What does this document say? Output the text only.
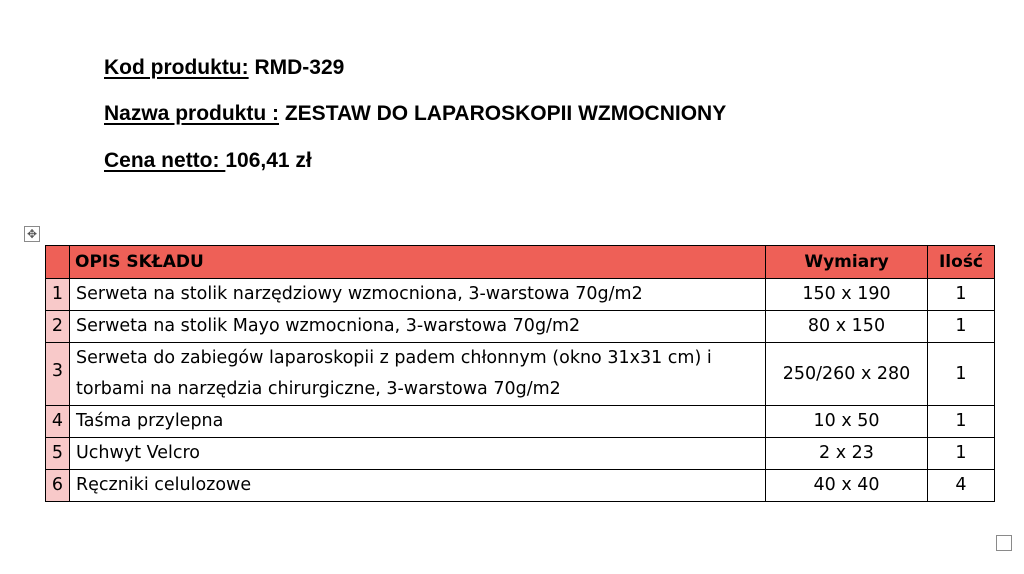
Kod produktu: RMD-329
Nazwa produktu : ZESTAW DO LAPAROSKOPII WZMOCNIONY
Cena netto: 106,41 zł
✥
	OPIS SKŁADU	Wymiary	Ilość
1	Serweta na stolik narzędziowy wzmocniona, 3-warstowa 70g/m2	150 x 190	1
2	Serweta na stolik Mayo wzmocniona, 3-warstowa 70g/m2	80 x 150	1
3	Serweta do zabiegów laparoskopii z padem chłonnym (okno 31x31 cm) i torbami na narzędzia chirurgiczne, 3-warstowa 70g/m2	250/260 x 280	1
4	Taśma przylepna	10 x 50	1
5	Uchwyt Velcro	2 x 23	1
6	Ręczniki celulozowe	40 x 40	4
